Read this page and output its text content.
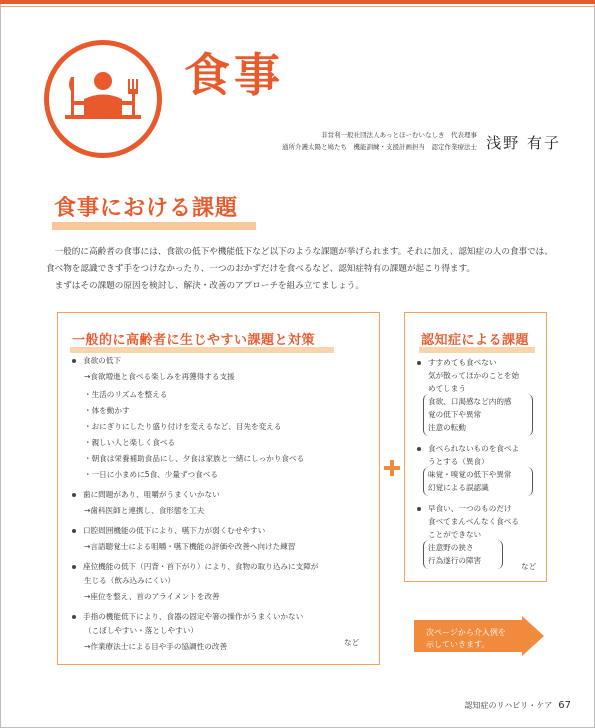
食事
非営利一般社団法人あっとほーむいなしき　代表理事
通所介護太陽と鳩たち　機能訓練・支援計画担当　認定作業療法士 浅野 有子
食事における課題

一般的に高齢者の食事には、食欲の低下や機能低下など以下のような課題が挙げられます。それに加え、認知症の人の食事では、食べ物を認識できず手をつけなかったり、一つのおかずだけを食べるなど、認知症特有の課題が起こり得ます。

まずはその課題の原因を検討し、解決・改善のアプローチを組み立てましょう。

一般的に高齢者に生じやすい課題と対策
食欲の低下
→食欲増進と食べる楽しみを再獲得する支援
・生活のリズムを整える
・体を動かす
・おにぎりにしたり盛り付けを変えるなど、目先を変える
・親しい人と楽しく食べる
・朝食は栄養補助食品にし、夕食は家族と一緒にしっかり食べる
・一日に小まめに5食、少量ずつ食べる
歯に問題があり、咀嚼がうまくいかない
→歯科医師と連携し、食形態を工夫
口腔周囲機能の低下により、嚥下力が弱くむせやすい
→言語聴覚士による咀嚼・嚥下機能の評価や改善へ向けた練習
座位機能の低下（円背・首下がり）により、食物の取り込みに支障が
生じる（飲み込みにくい）
→座位を整え、首のアライメントを改善
手指の機能低下により、食器の固定や箸の操作がうまくいかない
（こぼしやすい・落としやすい）
→作業療法士による目や手の協調性の改善	など
認知症による課題
すすめても食べない
気が散ってほかのことを始
めてしまう
食欲、口渇感など内的感
覚の低下や異常
注意の転動
食べられないものを食べよ
うとする（異食）
味覚・嗅覚の低下や異常
幻覚による誤認識
早食い、一つのものだけ
食べてまんべんなく食べる
ことができない
注意野の狭さ
行為遂行の障害
など
次ページから介入例を
示していきます。
認知症のリハビリ・ケア 67
